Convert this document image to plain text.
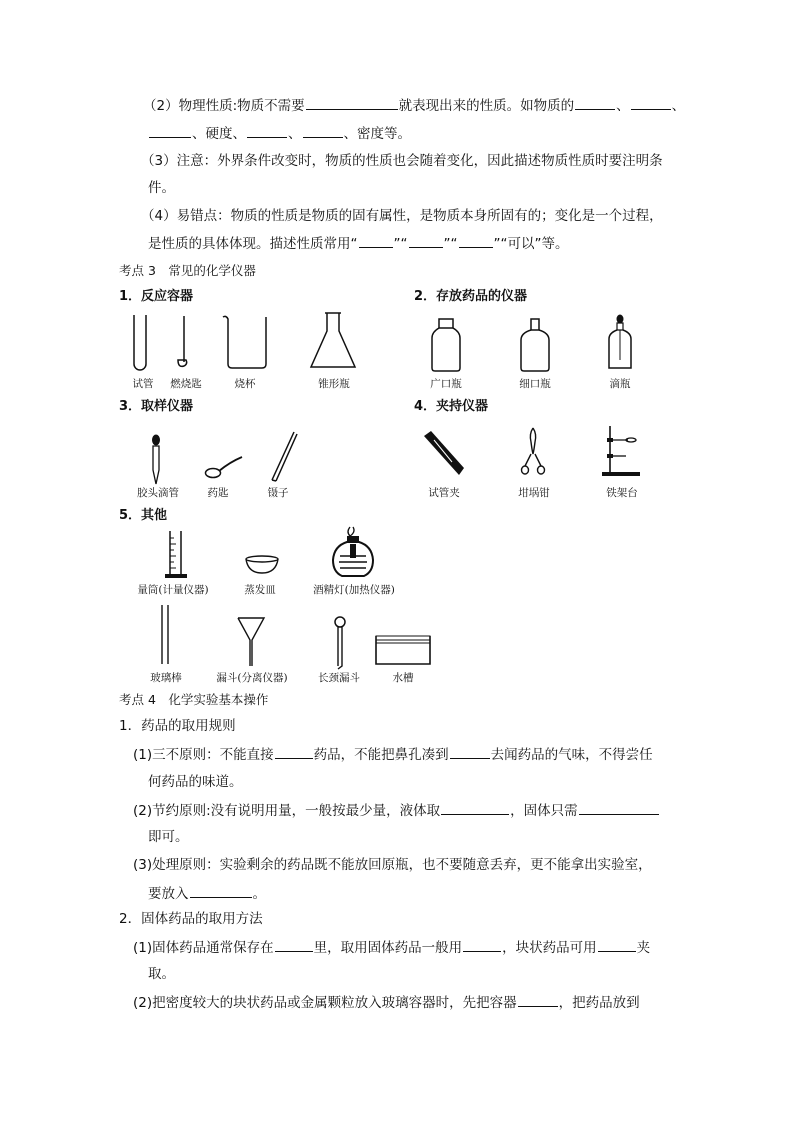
（2）物理性质:物质不需要	就表现出来的性质。如物质的	、	、
、硬度、	、	、密度等。
（3）注意：外界条件改变时，物质的性质也会随着变化，因此描述物质性质时要注明条
件。
（4）易错点：物质的性质是物质的固有属性，是物质本身所固有的；变化是一个过程，
是性质的具体体现。描述性质常用“	”“	”“	”“可以”等。
考点 3　常见的化学仪器
1．反应容器	2．存放药品的仪器
试管	燃烧匙	烧杯	锥形瓶	广口瓶	细口瓶	滴瓶
3．取样仪器	4．夹持仪器
胶头滴管	药匙	镊子	试管夹	坩埚钳	铁架台
5．其他
量筒(计量仪器)	蒸发皿	酒精灯(加热仪器)
玻璃棒	漏斗(分离仪器)	长颈漏斗	水槽
考点 4　化学实验基本操作
1．药品的取用规则
(1)三不原则：不能直接	药品，不能把鼻孔凑到	去闻药品的气味，不得尝任
何药品的味道。
(2)节约原则:没有说明用量，一般按最少量，液体取	，固体只需
即可。
(3)处理原则：实验剩余的药品既不能放回原瓶，也不要随意丢弃，更不能拿出实验室，
要放入	。
2．固体药品的取用方法
(1)固体药品通常保存在	里，取用固体药品一般用	，块状药品可用	夹
取。
(2)把密度较大的块状药品或金属颗粒放入玻璃容器时，先把容器	，把药品放到
